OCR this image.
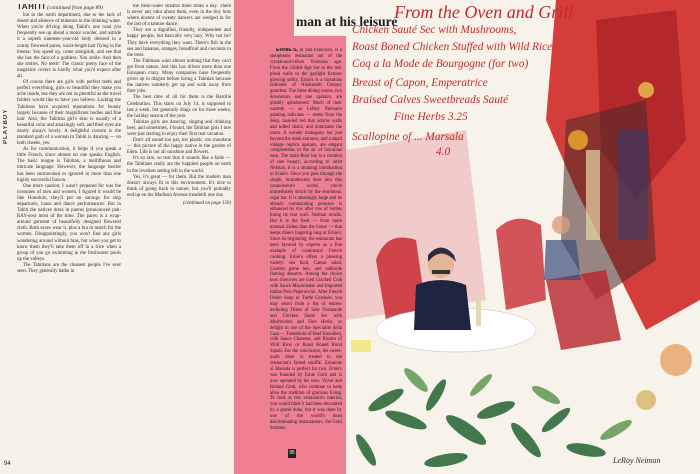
PLAYBOY
94
TAHITI (continued from page 89)

but in the north department, due to the lack of desert and absence of minerals in the drinking water. When you're driving along Tahiti's one road you frequently see up ahead a motor scooter, and astride it a superb nineteen-year-old body dressed in a scanty flowered pareu, waist-length hair flying in the breeze. You speed up, come alongside, and see that she has the face of a goddess. You smile. And then she smiles. No teeth! The classic pretty face of the magazine covers is hardly what you'd expect after all.

Of course there are girls with perfect teeth and perfect everything, girls so beautiful they make you ache inside, but they are not as plentiful as the travel folders would like to have you believe. Lacking the Tahitians have acquired reputations for beauty largely because of their magnificent bodies and fine hair. Also, the Tahitian girl's skin is usually of a beautiful color and amazingly soft, and their eyes are nearly always lovely. A delightful custom is the standard garb of a woman in Tahiti is dancing — on both cheeks, yes.

As for communication, it helps if you speak a little French, since almost no one speaks English. The basic tongue is Tahitian, a mellifluous and intricate language. However, the language barrier has been surmounted or ignored in more than one highly successful liaison.

One more caution: I wasn't prepared for was the costumes of men and women. I figured it would be like Honolulu, they'd put on sarongs for ship departures, luaus and dance performances. But in Tahiti the natives dress in pareus (pronounced pah-RAY-oos) most of the time. The pareu is a wrap-around garment of beautifully designed flowered cloth. Both sexes wear it, plus a bra to match for the women. Disappointingly, you won't find any girls wandering around without bras, but when you get to know them they'll take them off in a trice when a group of you go swimming in the freshwater pools up the valleys.

The Tahitians are the cleanest people I've ever seen. They generally bathe in

the fresh-water streams three times a day. There is never any odor about them, even in the tiny huts where dozens of sweaty dancers are wedged in for the last of a tamure dance.

They are a dignified, friendly, independent and happy people, but basically very lazy. Why not be? They have everything they want. There's fish in the sea and bananas, oranges, breadfruit and coconuts in the trees.

The Tahitians want almost nothing that they can't get from nature, and this has driven more than one European crazy. Many companies have frequently given up in disgust before hiring a Tahitian because the natives suddenly get up and walk away from their jobs.

The best time of all for them is the Bastille Celebration. This starts on July 14, is supposed to last a week, but generally drags on for three weeks; the holiday season of the year.

Tahitian girls are dancing, singing and drinking beer, and sometimes, I found, the Tahitian girls I met were just starting to enjoy their first real vacation.

Don't all sound too pat, too plastic, too mundane — this picture of the happy native in the garden of Eden. Life is not all sunshine and flowers.

It's so rare, so real that it sounds like a fable — the Tahitians really are the happiest people on earth in the loveliest setting left in the world.

Yes, it's great — for them. But the modern man doesn't always fit in this environment. It's nice to think of going back to nature, but you'll probably end up on the Madison Avenue treadmill one day.

(continued on page 150)
man at his leisure

ERNIE'S, in San Francisco, is a sumptuous restaurant out of the crystal-and-velvet Victorian age. From the Gilded Age bar to the red-plush walls to the gaslight fixtures glowing softly, Ernie's is a luxurious reminder of Nineteenth Century grandeur. The three dining rooms, two downstairs and one upstairs, are plushly upholstered. Much of their warmth — as LeRoy Neiman's painting indicates — stems from the deep, tasseled red that adorns walls and tufted chairs, and dominates the room. A wonder mahogany bar just beyond the main entrance, and a small vintage replica upstairs, are elegant complements to the air of luxurious ease. The main-floor bar is a creation of rare beauty; according to artist Neiman, it is a stunning introduction to Ernie's. Once you pass through the single, incandescent door into this connoisseur's world, you're immediately struck by the enormous, regal bar. It is amazingly large and its already commanding presence is enhanced by row after row of bottles lining its rear wall. Neiman recalls. But it is the food — from more unusual dishes than the house — that keeps diners lingering long at Ernie's. Since its beginning, the restaurant has been favored by experts as a fine example of continental French cooking. Ernie's offers a pleasing variety: sea food, Caesar salad, Cornish game hen, and tableside flaming desserts. Among the choice hors d'oeuvres are Iced Cracked Crab with Sauce Mayonnaise and Imported Italian Polo Peperoncini. After French Onion Soup or Turtle Gratinée, you may select from a list of entrees including Fillets of Sole Normande and Chicken Sauté Sec with Mushrooms and Fine Herbs, or delight in one of the Specialité della Casa — Tenderloin of Beef Ennobled, with Sauce Chasseur, and Risotto of Wild Rice; or Roast Boned Rural Squab. For the conclusion, the sweet-tooth diner is treated to the restaurant's famed soufflé. Zabaione al Marsala is perfect for two. Ernie's was founded by Ernie Gotti and is now operated by his sons, Victor and Roland Gotti, who continue to keep alive the tradition of gracious living. To look at this restaurant's interior, you would think it had been decorated by a grand duke, but it was done by one of the world's most discriminating restaurateurs, the Gotti brothers.

95
From the Oven and Grill
Chicken Sauté Sec with Mushrooms,
Roast Boned Chicken Stuffed with Wild Rice
Coq a la Mode de Bourgogne (for two)
Breast of Capon, Emperatrice
Braised Calves Sweetbreads Sauté
Fine Herbs 3.25
Scallopine of ... Marsala
4.0
LeRoy Neiman
